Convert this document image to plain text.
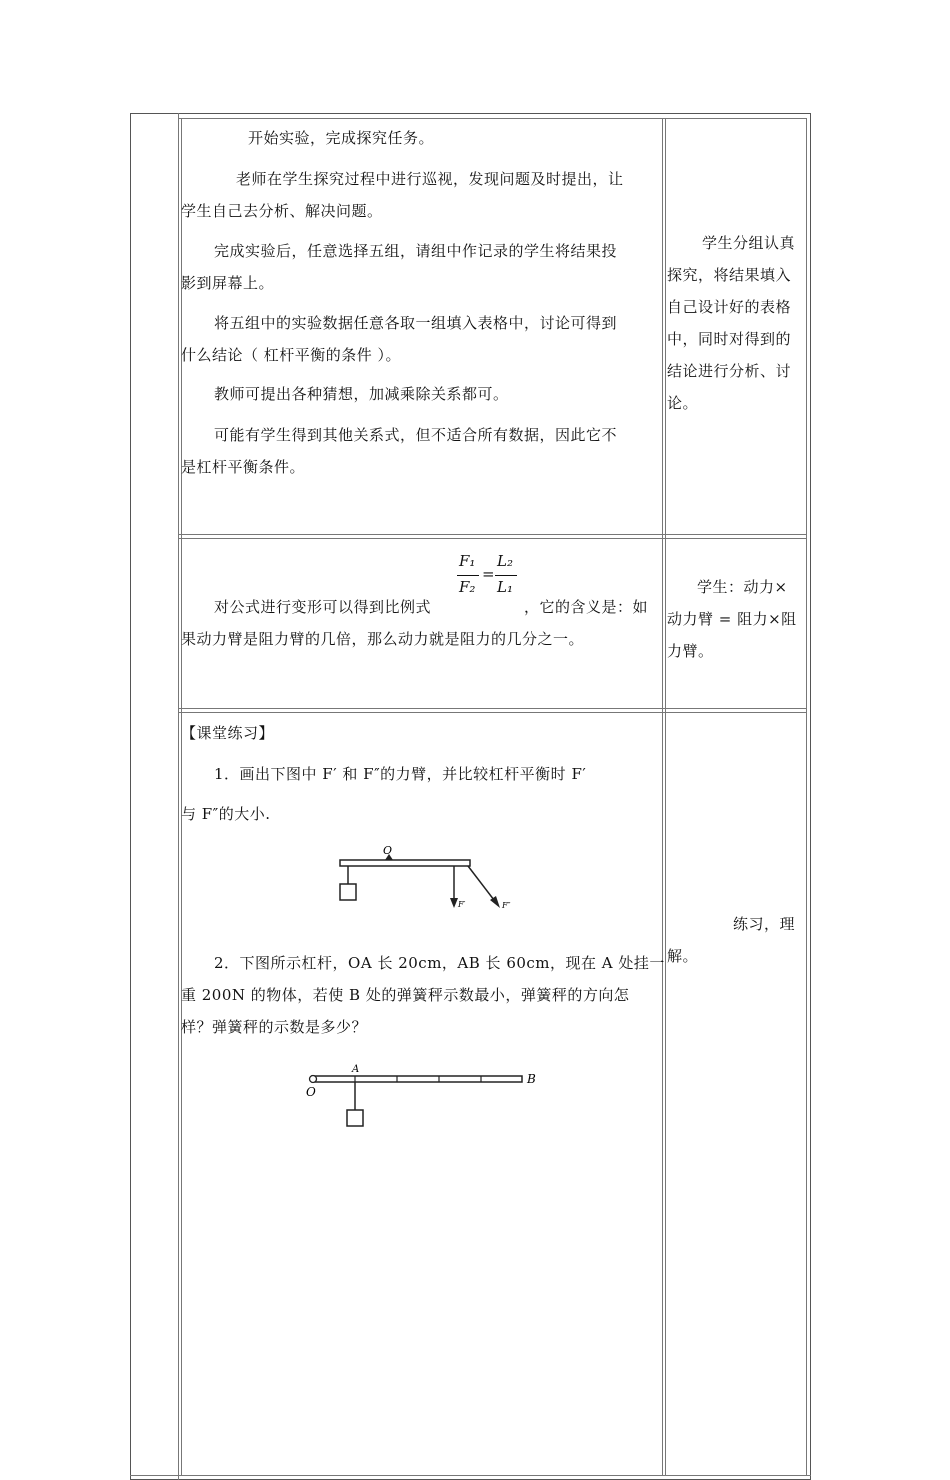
开始实验，完成探究任务。
老师在学生探究过程中进行巡视，发现问题及时提出，让
学生自己去分析、解决问题。
完成实验后，任意选择五组，请组中作记录的学生将结果投
影到屏幕上。
将五组中的实验数据任意各取一组填入表格中，讨论可得到
什么结论（ 杠杆平衡的条件 ）。
教师可提出各种猜想，加减乘除关系都可。
可能有学生得到其他关系式，但不适合所有数据，因此它不
是杠杆平衡条件。
学生分组认真
探究，将结果填入
自己设计好的表格
中，同时对得到的
结论进行分析、讨
论。
F₁
F₂
=
L₂
L₁
对公式进行变形可以得到比例式	，它的含义是：如
果动力臂是阻力臂的几倍，那么动力就是阻力的几分之一。
学生：动力×
动力臂 = 阻力×阻
力臂。
【课堂练习】
1．画出下图中 F′ 和 F″的力臂，并比较杠杆平衡时 F′
与 F″的大小.
O
F′	F″
2．下图所示杠杆，OA 长 20cm，AB 长 60cm，现在 A 处挂一
重 200N 的物体，若使 B 处的弹簧秤示数最小，弹簧秤的方向怎
样？弹簧秤的示数是多少？
A
B
O
练习，理
解。
